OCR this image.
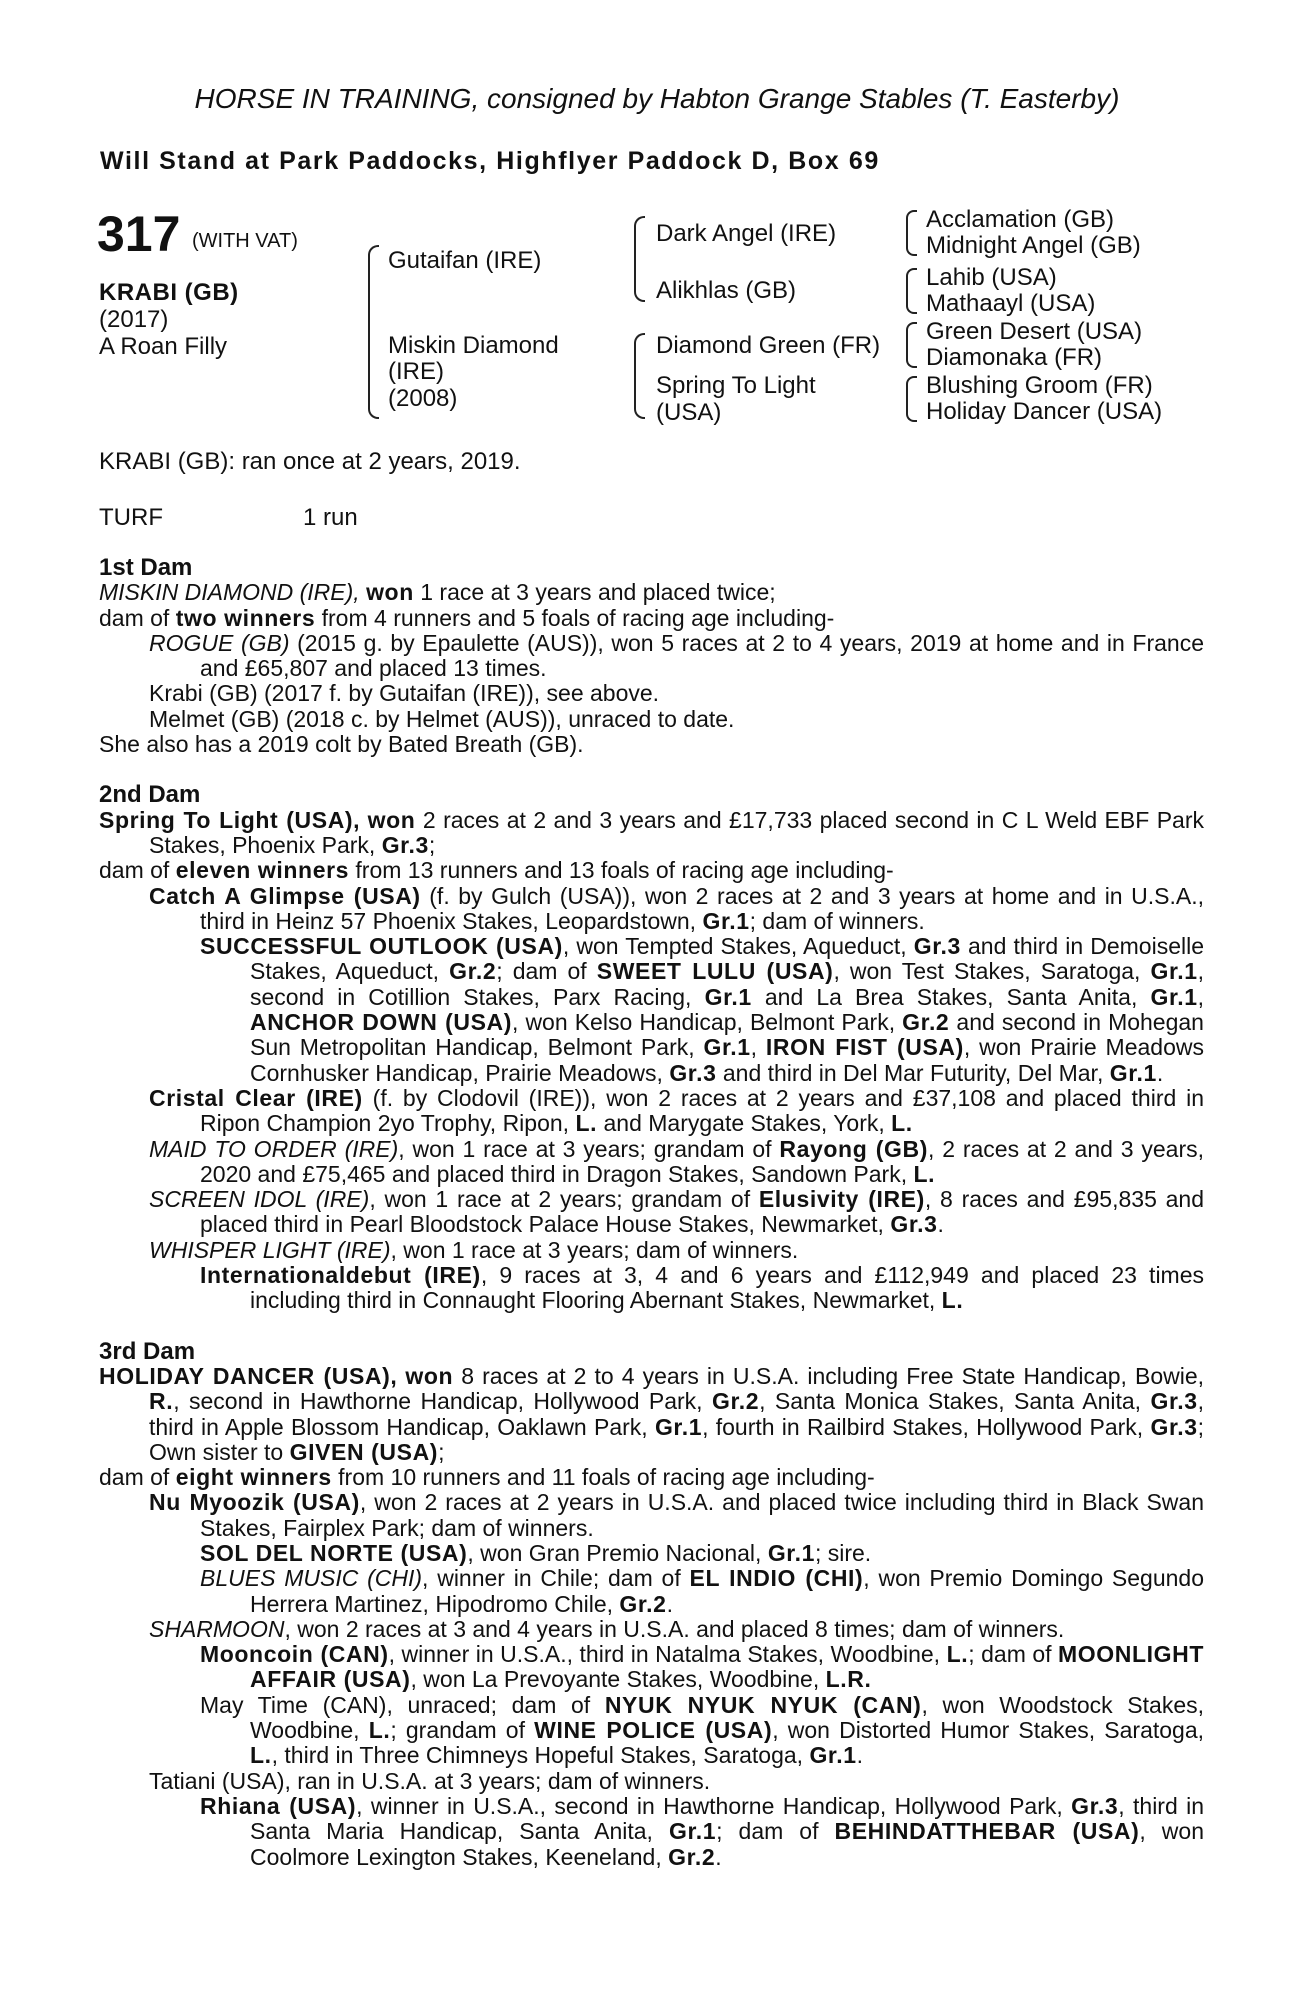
HORSE IN TRAINING, consigned by Habton Grange Stables (T. Easterby)
Will Stand at Park Paddocks, Highflyer Paddock D, Box 69
317 (WITH VAT)
KRABI (GB)
(2017)
A Roan Filly
Gutaifan (IRE)
Miskin Diamond
(IRE)
(2008)
Dark Angel (IRE)
Alikhlas (GB)
Diamond Green (FR)
Spring To Light
(USA)
Acclamation (GB)
Midnight Angel (GB)
Lahib (USA)
Mathaayl (USA)
Green Desert (USA)
Diamonaka (FR)
Blushing Groom (FR)
Holiday Dancer (USA)
KRABI (GB): ran once at 2 years, 2019.
TURF	1 run

1st Dam

MISKIN DIAMOND (IRE), won 1 race at 3 years and placed twice;

dam of two winners from 4 runners and 5 foals of racing age including-

ROGUE (GB) (2015 g. by Epaulette (AUS)), won 5 races at 2 to 4 years, 2019 at home and in France and £65,807 and placed 13 times.

Krabi (GB) (2017 f. by Gutaifan (IRE)), see above.

Melmet (GB) (2018 c. by Helmet (AUS)), unraced to date.

She also has a 2019 colt by Bated Breath (GB).

2nd Dam

Spring To Light (USA), won 2 races at 2 and 3 years and £17,733 placed second in C L Weld EBF Park Stakes, Phoenix Park, Gr.3;

dam of eleven winners from 13 runners and 13 foals of racing age including-

Catch A Glimpse (USA) (f. by Gulch (USA)), won 2 races at 2 and 3 years at home and in U.S.A., third in Heinz 57 Phoenix Stakes, Leopardstown, Gr.1; dam of winners.

SUCCESSFUL OUTLOOK (USA), won Tempted Stakes, Aqueduct, Gr.3 and third in Demoiselle Stakes, Aqueduct, Gr.2; dam of SWEET LULU (USA), won Test Stakes, Saratoga, Gr.1, second in Cotillion Stakes, Parx Racing, Gr.1 and La Brea Stakes, Santa Anita, Gr.1, ANCHOR DOWN (USA), won Kelso Handicap, Belmont Park, Gr.2 and second in Mohegan Sun Metropolitan Handicap, Belmont Park, Gr.1, IRON FIST (USA), won Prairie Meadows Cornhusker Handicap, Prairie Meadows, Gr.3 and third in Del Mar Futurity, Del Mar, Gr.1.

Cristal Clear (IRE) (f. by Clodovil (IRE)), won 2 races at 2 years and £37,108 and placed third in Ripon Champion 2yo Trophy, Ripon, L. and Marygate Stakes, York, L.

MAID TO ORDER (IRE), won 1 race at 3 years; grandam of Rayong (GB), 2 races at 2 and 3 years, 2020 and £75,465 and placed third in Dragon Stakes, Sandown Park, L.

SCREEN IDOL (IRE), won 1 race at 2 years; grandam of Elusivity (IRE), 8 races and £95,835 and placed third in Pearl Bloodstock Palace House Stakes, Newmarket, Gr.3.

WHISPER LIGHT (IRE), won 1 race at 3 years; dam of winners.

Internationaldebut (IRE), 9 races at 3, 4 and 6 years and £112,949 and placed 23 times including third in Connaught Flooring Abernant Stakes, Newmarket, L.

3rd Dam

HOLIDAY DANCER (USA), won 8 races at 2 to 4 years in U.S.A. including Free State Handicap, Bowie, R., second in Hawthorne Handicap, Hollywood Park, Gr.2, Santa Monica Stakes, Santa Anita, Gr.3, third in Apple Blossom Handicap, Oaklawn Park, Gr.1, fourth in Railbird Stakes, Hollywood Park, Gr.3; Own sister to GIVEN (USA);

dam of eight winners from 10 runners and 11 foals of racing age including-

Nu Myoozik (USA), won 2 races at 2 years in U.S.A. and placed twice including third in Black Swan Stakes, Fairplex Park; dam of winners.

SOL DEL NORTE (USA), won Gran Premio Nacional, Gr.1; sire.

BLUES MUSIC (CHI), winner in Chile; dam of EL INDIO (CHI), won Premio Domingo Segundo Herrera Martinez, Hipodromo Chile, Gr.2.

SHARMOON, won 2 races at 3 and 4 years in U.S.A. and placed 8 times; dam of winners.

Mooncoin (CAN), winner in U.S.A., third in Natalma Stakes, Woodbine, L.; dam of MOONLIGHT AFFAIR (USA), won La Prevoyante Stakes, Woodbine, L.R.

May Time (CAN), unraced; dam of NYUK NYUK NYUK (CAN), won Woodstock Stakes, Woodbine, L.; grandam of WINE POLICE (USA), won Distorted Humor Stakes, Saratoga, L., third in Three Chimneys Hopeful Stakes, Saratoga, Gr.1.

Tatiani (USA), ran in U.S.A. at 3 years; dam of winners.

Rhiana (USA), winner in U.S.A., second in Hawthorne Handicap, Hollywood Park, Gr.3, third in Santa Maria Handicap, Santa Anita, Gr.1; dam of BEHINDATTHEBAR (USA), won Coolmore Lexington Stakes, Keeneland, Gr.2.
